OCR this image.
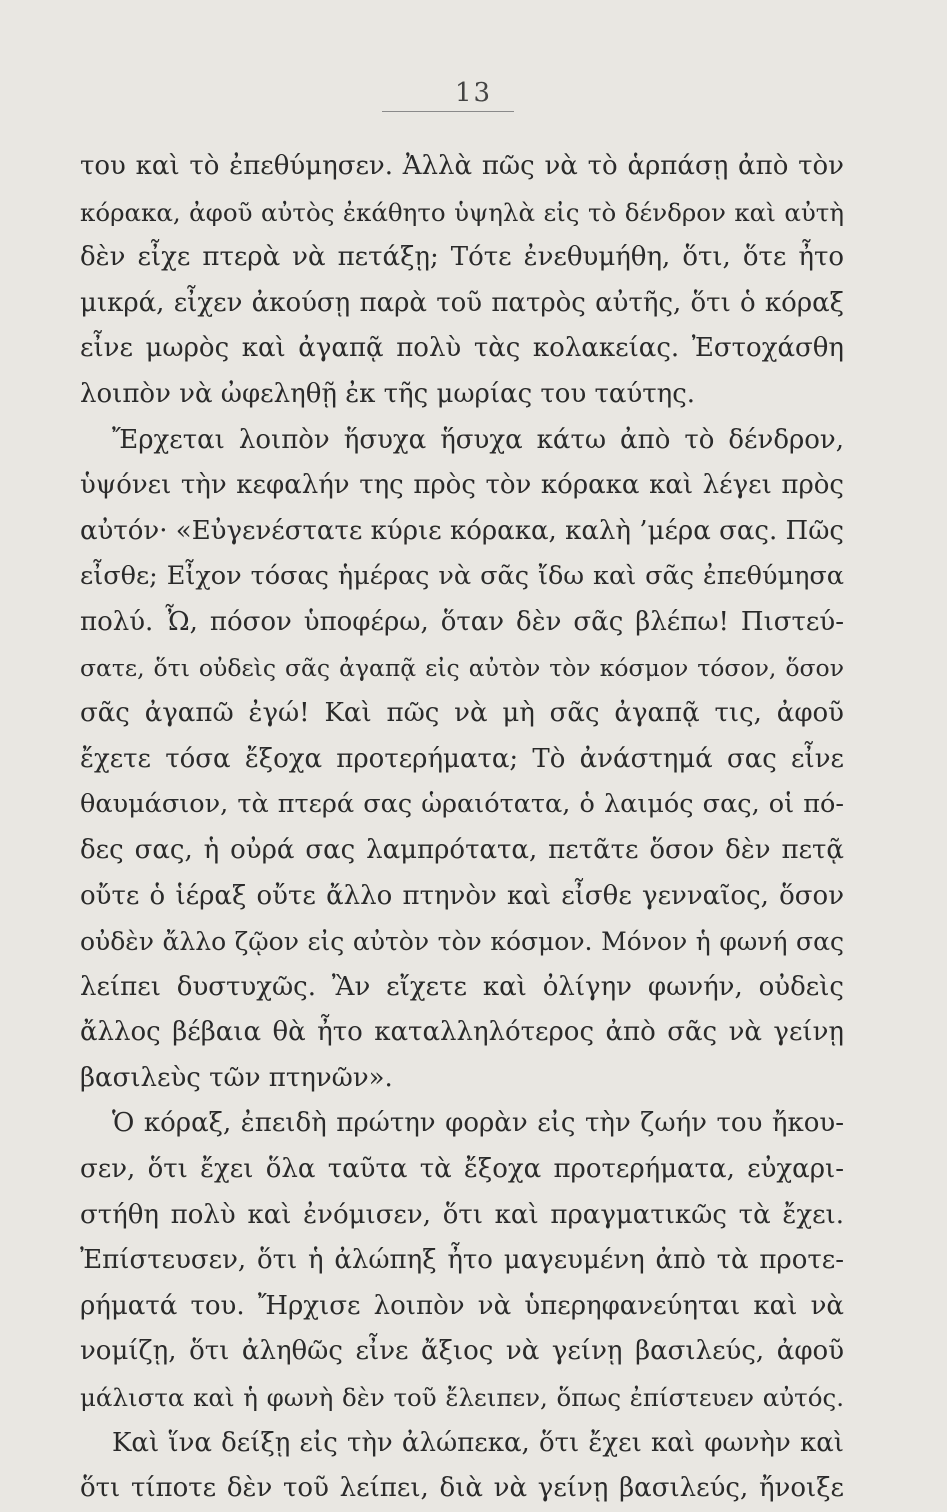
13
του καὶ τὸ ἐπεθύμησεν. Ἀλλὰ πῶς νὰ τὸ ἁρπάσῃ ἀπὸ τὸν
κόρακα, ἀφοῦ αὐτὸς ἐκάθητο ὑψηλὰ εἰς τὸ δένδρον καὶ αὐτὴ
δὲν εἶχε πτερὰ νὰ πετάξῃ; Τότε ἐνεθυμήθη, ὅτι, ὅτε ἦτο
μικρά, εἶχεν ἀκούσῃ παρὰ τοῦ πατρὸς αὐτῆς, ὅτι ὁ κόραξ
εἶνε μωρὸς καὶ ἀγαπᾷ πολὺ τὰς κολακείας. Ἐστοχάσθη
λοιπὸν νὰ ὠφεληθῇ ἐκ τῆς μωρίας του ταύτης.
Ἔρχεται λοιπὸν ἥσυχα ἥσυχα κάτω ἀπὸ τὸ δένδρον,
ὑψόνει τὴν κεφαλήν της πρὸς τὸν κόρακα καὶ λέγει πρὸς
αὐτόν· «Εὐγενέστατε κύριε κόρακα, καλὴ ’μέρα σας. Πῶς
εἶσθε; Εἶχον τόσας ἡμέρας νὰ σᾶς ἴδω καὶ σᾶς ἐπεθύμησα
πολύ. Ὦ, πόσον ὑποφέρω, ὅταν δὲν σᾶς βλέπω! Πιστεύ-
σατε, ὅτι οὐδεὶς σᾶς ἀγαπᾷ εἰς αὐτὸν τὸν κόσμον τόσον, ὅσον
σᾶς ἀγαπῶ ἐγώ! Καὶ πῶς νὰ μὴ σᾶς ἀγαπᾷ τις, ἀφοῦ
ἔχετε τόσα ἔξοχα προτερήματα; Τὸ ἀνάστημά σας εἶνε
θαυμάσιον, τὰ πτερά σας ὡραιότατα, ὁ λαιμός σας, οἱ πό-
δες σας, ἡ οὐρά σας λαμπρότατα, πετᾶτε ὅσον δὲν πετᾷ
οὔτε ὁ ἱέραξ οὔτε ἄλλο πτηνὸν καὶ εἶσθε γενναῖος, ὅσον
οὐδὲν ἄλλο ζῷον εἰς αὐτὸν τὸν κόσμον. Μόνον ἡ φωνή σας
λείπει δυστυχῶς. Ἂν εἴχετε καὶ ὀλίγην φωνήν, οὐδεὶς
ἄλλος βέβαια θὰ ἦτο καταλληλότερος ἀπὸ σᾶς νὰ γείνῃ
βασιλεὺς τῶν πτηνῶν».
Ὁ κόραξ, ἐπειδὴ πρώτην φορὰν εἰς τὴν ζωήν του ἤκου-
σεν, ὅτι ἔχει ὅλα ταῦτα τὰ ἔξοχα προτερήματα, εὐχαρι-
στήθη πολὺ καὶ ἐνόμισεν, ὅτι καὶ πραγματικῶς τὰ ἔχει.
Ἐπίστευσεν, ὅτι ἡ ἀλώπηξ ἦτο μαγευμένη ἀπὸ τὰ προτε-
ρήματά του. Ἤρχισε λοιπὸν νὰ ὑπερηφανεύηται καὶ νὰ
νομίζῃ, ὅτι ἀληθῶς εἶνε ἄξιος νὰ γείνῃ βασιλεύς, ἀφοῦ
μάλιστα καὶ ἡ φωνὴ δὲν τοῦ ἔλειπεν, ὅπως ἐπίστευεν αὐτός.
Καὶ ἵνα δείξῃ εἰς τὴν ἀλώπεκα, ὅτι ἔχει καὶ φωνὴν καὶ
ὅτι τίποτε δὲν τοῦ λείπει, διὰ νὰ γείνῃ βασιλεύς, ἤνοιξε
